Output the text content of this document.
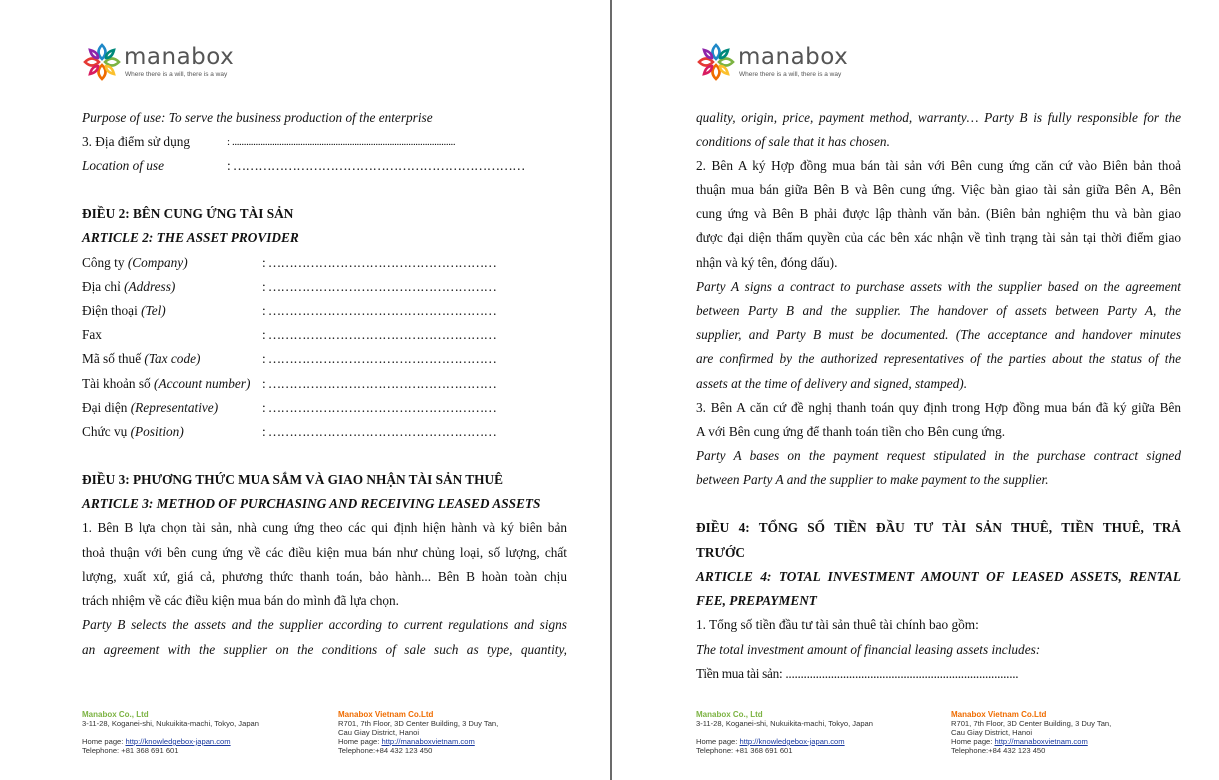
manabox
Where there is a will, there is a way
Purpose of use: To serve the business production of the enterprise
3. Địa điểm sử dụng	: ...............................................................................................
Location of use	: ……………………………………………………………
ĐIỀU 2: BÊN CUNG ỨNG TÀI SẢN
ARTICLE 2: THE ASSET PROVIDER
Công ty (Company)	: ………………………………………………
Địa chỉ (Address)	: ………………………………………………
Điện thoại (Tel)	: ………………………………………………
Fax	: ………………………………………………
Mã số thuế (Tax code)	: ………………………………………………
Tài khoản số (Account number) : ………………………………………………
Đại diện (Representative)	: ………………………………………………
Chức vụ (Position)	: ………………………………………………
ĐIỀU 3: PHƯƠNG THỨC MUA SẮM VÀ GIAO NHẬN TÀI SẢN THUÊ
ARTICLE 3: METHOD OF PURCHASING AND RECEIVING LEASED ASSETS
1. Bên B lựa chọn tài sản, nhà cung ứng theo các qui định hiện hành và ký biên bản
thoả thuận với bên cung ứng về các điều kiện mua bán như chủng loại, số lượng, chất
lượng, xuất xứ, giá cả, phương thức thanh toán, bảo hành... Bên B hoàn toàn chịu
trách nhiệm về các điều kiện mua bán do mình đã lựa chọn.
Party B selects the assets and the supplier according to current regulations and signs
an agreement with the supplier on the conditions of sale such as type, quantity,
Manabox Co., Ltd
3-11-28, Koganei-shi, Nukuikita-machi, Tokyo, Japan
Home page: http://knowledgebox-japan.com
Telephone: +81 368 691 601
Manabox Vietnam Co.Ltd
R701, 7th Floor, 3D Center Building, 3 Duy Tan,
Cau Giay District, Hanoi
Home page: http://manaboxvietnam.com
Telephone:+84 432 123 450
manabox
Where there is a will, there is a way
quality, origin, price, payment method, warranty… Party B is fully responsible for the
conditions of sale that it has chosen.
2. Bên A ký Hợp đồng mua bán tài sản với Bên cung ứng căn cứ vào Biên bản thoả
thuận mua bán giữa Bên B và Bên cung ứng. Việc bàn giao tài sản giữa Bên A, Bên
cung ứng và Bên B phải được lập thành văn bản. (Biên bản nghiệm thu và bàn giao
được đại diện thẩm quyền của các bên xác nhận về tình trạng tài sản tại thời điểm giao
nhận và ký tên, đóng dấu).
Party A signs a contract to purchase assets with the supplier based on the agreement
between Party B and the supplier. The handover of assets between Party A, the
supplier, and Party B must be documented. (The acceptance and handover minutes
are confirmed by the authorized representatives of the parties about the status of the
assets at the time of delivery and signed, stamped).
3. Bên A căn cứ đề nghị thanh toán quy định trong Hợp đồng mua bán đã ký giữa Bên
A với Bên cung ứng để thanh toán tiền cho Bên cung ứng.
Party A bases on the payment request stipulated in the purchase contract signed
between Party A and the supplier to make payment to the supplier.
ĐIỀU 4: TỔNG SỐ TIỀN ĐẦU TƯ TÀI SẢN THUÊ, TIỀN THUÊ, TRẢ
TRƯỚC
ARTICLE 4: TOTAL INVESTMENT AMOUNT OF LEASED ASSETS, RENTAL
FEE, PREPAYMENT
1. Tổng số tiền đầu tư tài sản thuê tài chính bao gồm:
The total investment amount of financial leasing assets includes:
Tiền mua tài sản: .............................................................................
Manabox Co., Ltd
3-11-28, Koganei-shi, Nukuikita-machi, Tokyo, Japan
Home page: http://knowledgebox-japan.com
Telephone: +81 368 691 601
Manabox Vietnam Co.Ltd
R701, 7th Floor, 3D Center Building, 3 Duy Tan,
Cau Giay District, Hanoi
Home page: http://manaboxvietnam.com
Telephone:+84 432 123 450
